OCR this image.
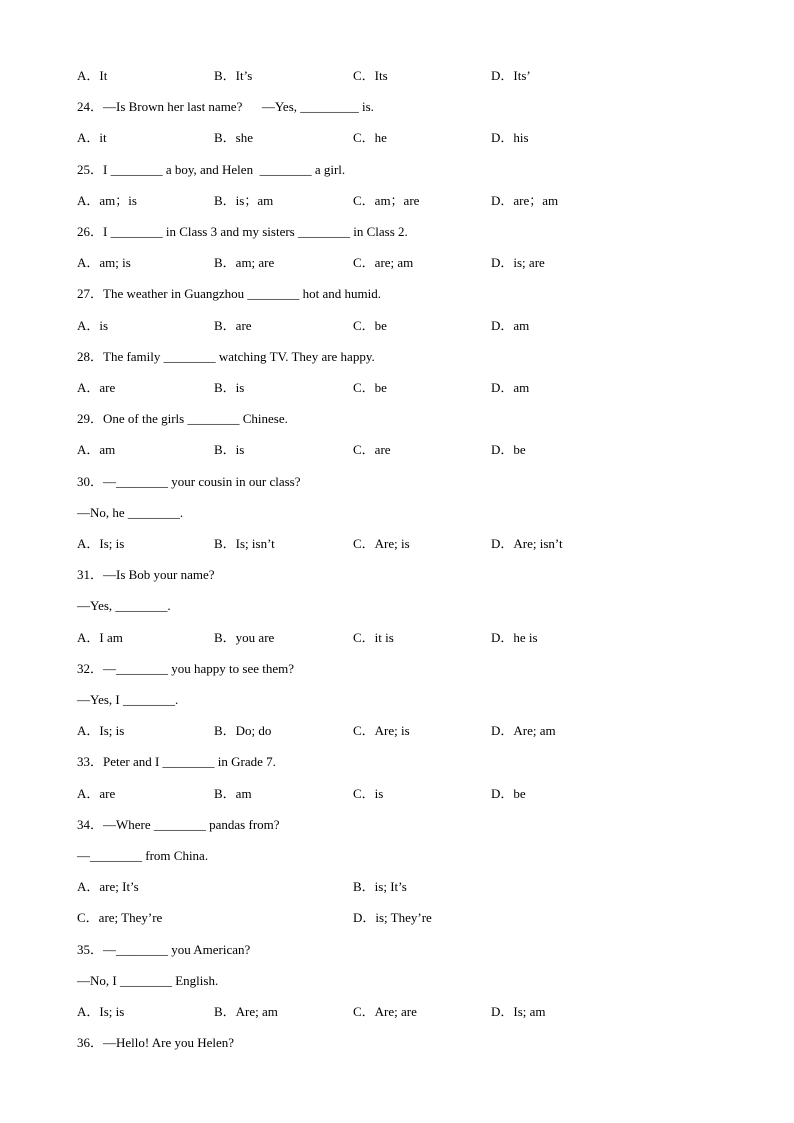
A．It	B．It’s	C．Its	D．Its’
24．—Is Brown her last name?      —Yes, _________ is.
A．it	B．she	C．he	D．his
25．I ________ a boy, and Helen  ________ a girl.
A．am；is	B．is；am	C．am；are	D．are；am
26．I ________ in Class 3 and my sisters ________ in Class 2.
A．am; is	B．am; are	C．are; am	D．is; are
27．The weather in Guangzhou ________ hot and humid.
A．is	B．are	C．be	D．am
28．The family ________ watching TV. They are happy.
A．are	B．is	C．be	D．am
29．One of the girls ________ Chinese.
A．am	B．is	C．are	D．be
30．—________ your cousin in our class?
—No, he ________.
A．Is; is	B．Is; isn’t	C．Are; is	D．Are; isn’t
31．—Is Bob your name?
—Yes, ________.
A．I am	B．you are	C．it is	D．he is
32．—________ you happy to see them?
—Yes, I ________.
A．Is; is	B．Do; do	C．Are; is	D．Are; am
33．Peter and I ________ in Grade 7.
A．are	B．am	C．is	D．be
34．—Where ________ pandas from?
—________ from China.
A．are; It’s	B．is; It’s
C．are; They’re	D．is; They’re
35．—________ you American?
—No, I ________ English.
A．Is; is	B．Are; am	C．Are; are	D．Is; am
36．—Hello! Are you Helen?
